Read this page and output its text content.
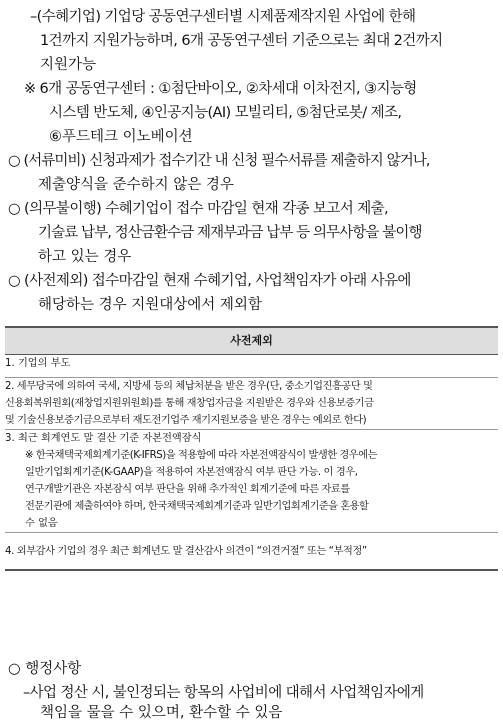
–(수혜기업) 기업당 공동연구센터별 시제품제작지원 사업에 한해
1건까지 지원가능하며, 6개 공동연구센터 기준으로는 최대 2건까지
지원가능
※ 6개 공동연구센터 : ①첨단바이오, ②차세대 이차전지, ③지능형
시스템 반도체, ④인공지능(AI) 모빌리티, ⑤첨단로봇/ 제조,
⑥푸드테크 이노베이션
○ (서류미비) 신청과제가 접수기간 내 신청 필수서류를 제출하지 않거나,
제출양식을 준수하지 않은 경우
○ (의무불이행) 수혜기업이 접수 마감일 현재 각종 보고서 제출,
기술료 납부, 정산금환수금 제재부과금 납부 등 의무사항을 불이행
하고 있는 경우
○ (사전제외) 접수마감일 현재 수혜기업, 사업책임자가 아래 사유에
해당하는 경우 지원대상에서 제외함
사전제외

1. 기업의 부도

2. 세무당국에 의하여 국세, 지방세 등의 체납처분을 받은 경우(단, 중소기업진흥공단 및

신용회복위원회(재창업지원위원회)를 통해 재창업자금을 지원받은 경우와 신용보증기금

및 기술신용보증기금으로부터 재도전기업주 재기지원보증을 받은 경우는 예외로 한다)

3. 최근 회계연도 말 결산 기준 자본전액잠식

※ 한국채택국제회계기준(K-IFRS)을 적용함에 따라 자본전액잠식이 발생한 경우에는

일반기업회계기준(K-GAAP)을 적용하여 자본전액잠식 여부 판단 가능. 이 경우,

연구개발기관은 자본잠식 여부 판단을 위해 추가적인 회계기준에 따른 자료를

전문기관에 제출하여야 하며, 한국채택국제회계기준과 일반기업회계기준을 혼용할

수 없음

4. 외부감사 기업의 경우 최근 회계년도 말 결산감사 의견이 “의견거절” 또는 “부적정”

○ 행정사항
–사업 정산 시, 불인정되는 항목의 사업비에 대해서 사업책임자에게
책임을 물을 수 있으며, 환수할 수 있음
